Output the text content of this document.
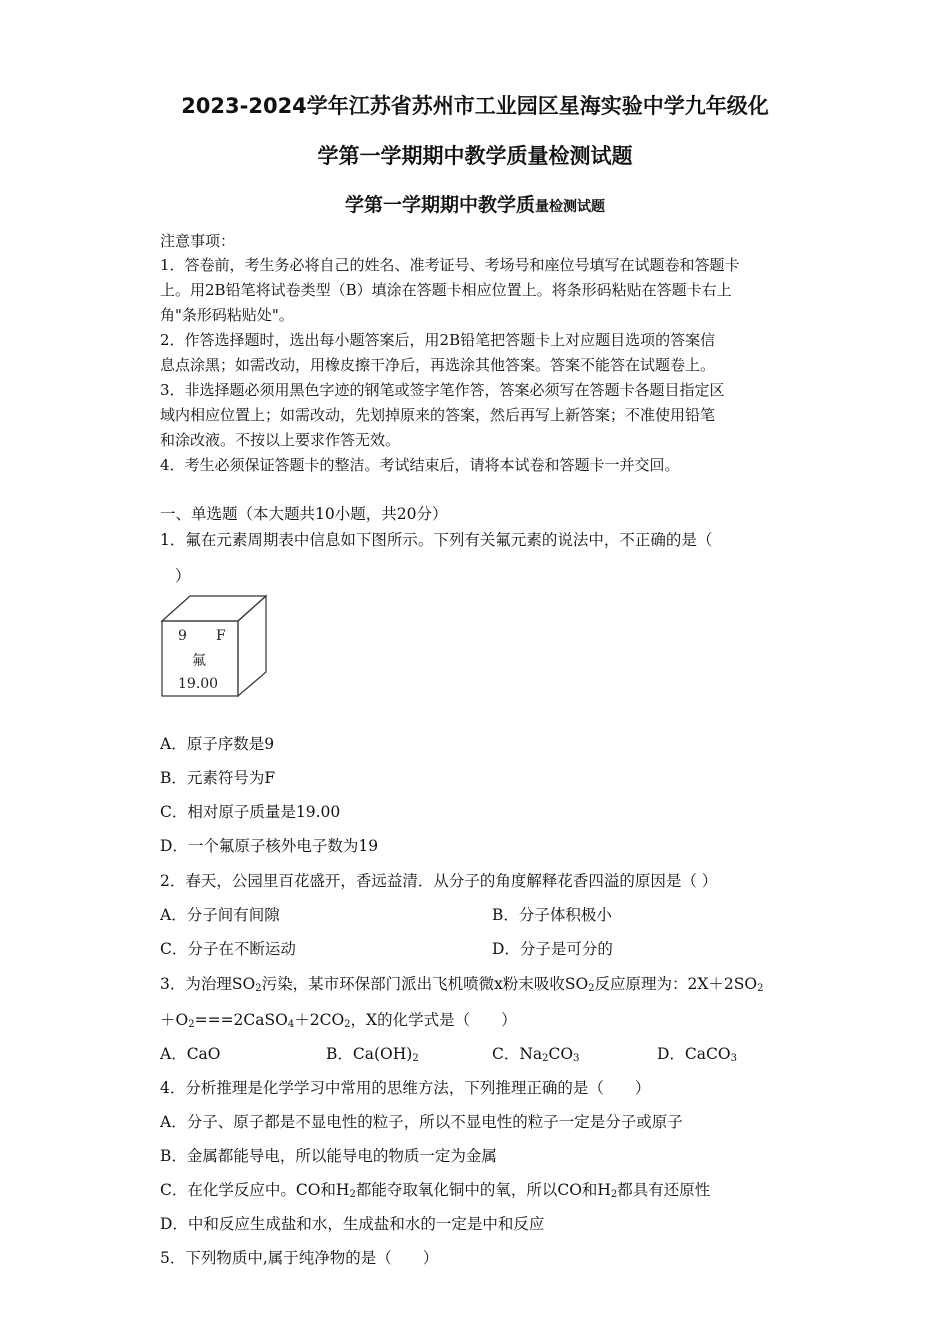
2023-2024学年江苏省苏州市工业园区星海实验中学九年级化
学第一学期期中教学质量检测试题
学第一学期期中教学质量检测试题
注意事项：
1．答卷前，考生务必将自己的姓名、准考证号、考场号和座位号填写在试题卷和答题卡
上。用2B铅笔将试卷类型（B）填涂在答题卡相应位置上。将条形码粘贴在答题卡右上
角"条形码粘贴处"。
2．作答选择题时，选出每小题答案后，用2B铅笔把答题卡上对应题目选项的答案信
息点涂黑；如需改动，用橡皮擦干净后，再选涂其他答案。答案不能答在试题卷上。
3．非选择题必须用黑色字迹的钢笔或签字笔作答，答案必须写在答题卡各题目指定区
域内相应位置上；如需改动，先划掉原来的答案，然后再写上新答案；不准使用铅笔
和涂改液。不按以上要求作答无效。
4．考生必须保证答题卡的整洁。考试结束后，请将本试卷和答题卡一并交回。
一、单选题（本大题共10小题，共20分）
1．氟在元素周期表中信息如下图所示。下列有关氟元素的说法中，不正确的是（
）
9 F
氟
19.00
A．原子序数是9
B．元素符号为F
C．相对原子质量是19.00
D．一个氟原子核外电子数为19
2．春天，公园里百花盛开，香远益清．从分子的角度解释花香四溢的原因是（ ）
A．分子间有间隙	B．分子体积极小
C．分子在不断运动	D．分子是可分的
3．为治理$SO_2$污染，某市环保部门派出飞机喷微x粉末吸收$SO_2$反应原理为：$2X+2SO_2$
$+O_2===2CaSO_4+2CO_2$，X的化学式是（　　）
A．CaO	B．$Ca(OH)_2$	C．$Na_2CO_3$	D．CaCO$_3$
4．分析推理是化学学习中常用的思维方法，下列推理正确的是（　　）
A．分子、原子都是不显电性的粒子，所以不显电性的粒子一定是分子或原子
B．金属都能导电，所以能导电的物质一定为金属
C．在化学反应中。CO和$H_2$都能夺取氧化铜中的氧，所以CO和$H_2$都具有还原性
D．中和反应生成盐和水，生成盐和水的一定是中和反应
5．下列物质中,属于纯净物的是（　　）
